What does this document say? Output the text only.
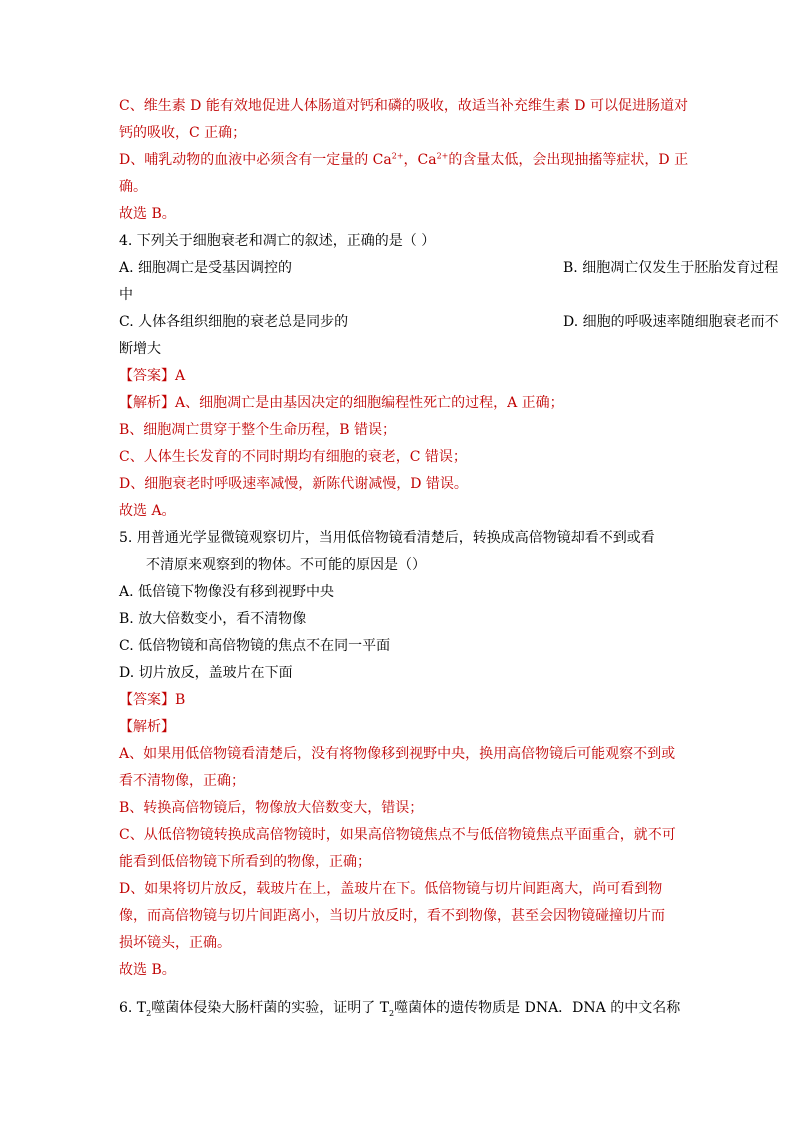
C、维生素 D 能有效地促进人体肠道对钙和磷的吸收，故适当补充维生素 D 可以促进肠道对
钙的吸收，C 正确；
D、哺乳动物的血液中必须含有一定量的 $Ca^{2+}$，$Ca^{2+}$的含量太低，会出现抽搐等症状，D 正
确。
故选 B。
4. 下列关于细胞衰老和凋亡的叙述，正确的是（ ）
A. 细胞凋亡是受基因调控的	B. 细胞凋亡仅发生于胚胎发育过程
中
C. 人体各组织细胞的衰老总是同步的	D. 细胞的呼吸速率随细胞衰老而不
断增大
【答案】A
【解析】A、细胞凋亡是由基因决定的细胞编程性死亡的过程，A 正确；
B、细胞凋亡贯穿于整个生命历程，B 错误；
C、人体生长发育的不同时期均有细胞的衰老，C 错误；
D、细胞衰老时呼吸速率减慢，新陈代谢减慢，D 错误。
故选 A。
5. 用普通光学显微镜观察切片，当用低倍物镜看清楚后，转换成高倍物镜却看不到或看
不清原来观察到的物体。不可能的原因是（）
A. 低倍镜下物像没有移到视野中央
B. 放大倍数变小，看不清物像
C. 低倍物镜和高倍物镜的焦点不在同一平面
D. 切片放反，盖玻片在下面
【答案】B
【解析】
A、如果用低倍物镜看清楚后，没有将物像移到视野中央，换用高倍物镜后可能观察不到或
看不清物像，正确；
B、转换高倍物镜后，物像放大倍数变大，错误；
C、从低倍物镜转换成高倍物镜时，如果高倍物镜焦点不与低倍物镜焦点平面重合，就不可
能看到低倍物镜下所看到的物像，正确；
D、如果将切片放反，载玻片在上，盖玻片在下。低倍物镜与切片间距离大，尚可看到物
像，而高倍物镜与切片间距离小，当切片放反时，看不到物像，甚至会因物镜碰撞切片而
损坏镜头，正确。
故选 B。
6. $T_2$噬菌体侵染大肠杆菌的实验，证明了 $T_2$噬菌体的遗传物质是 DNA．DNA 的中文名称
